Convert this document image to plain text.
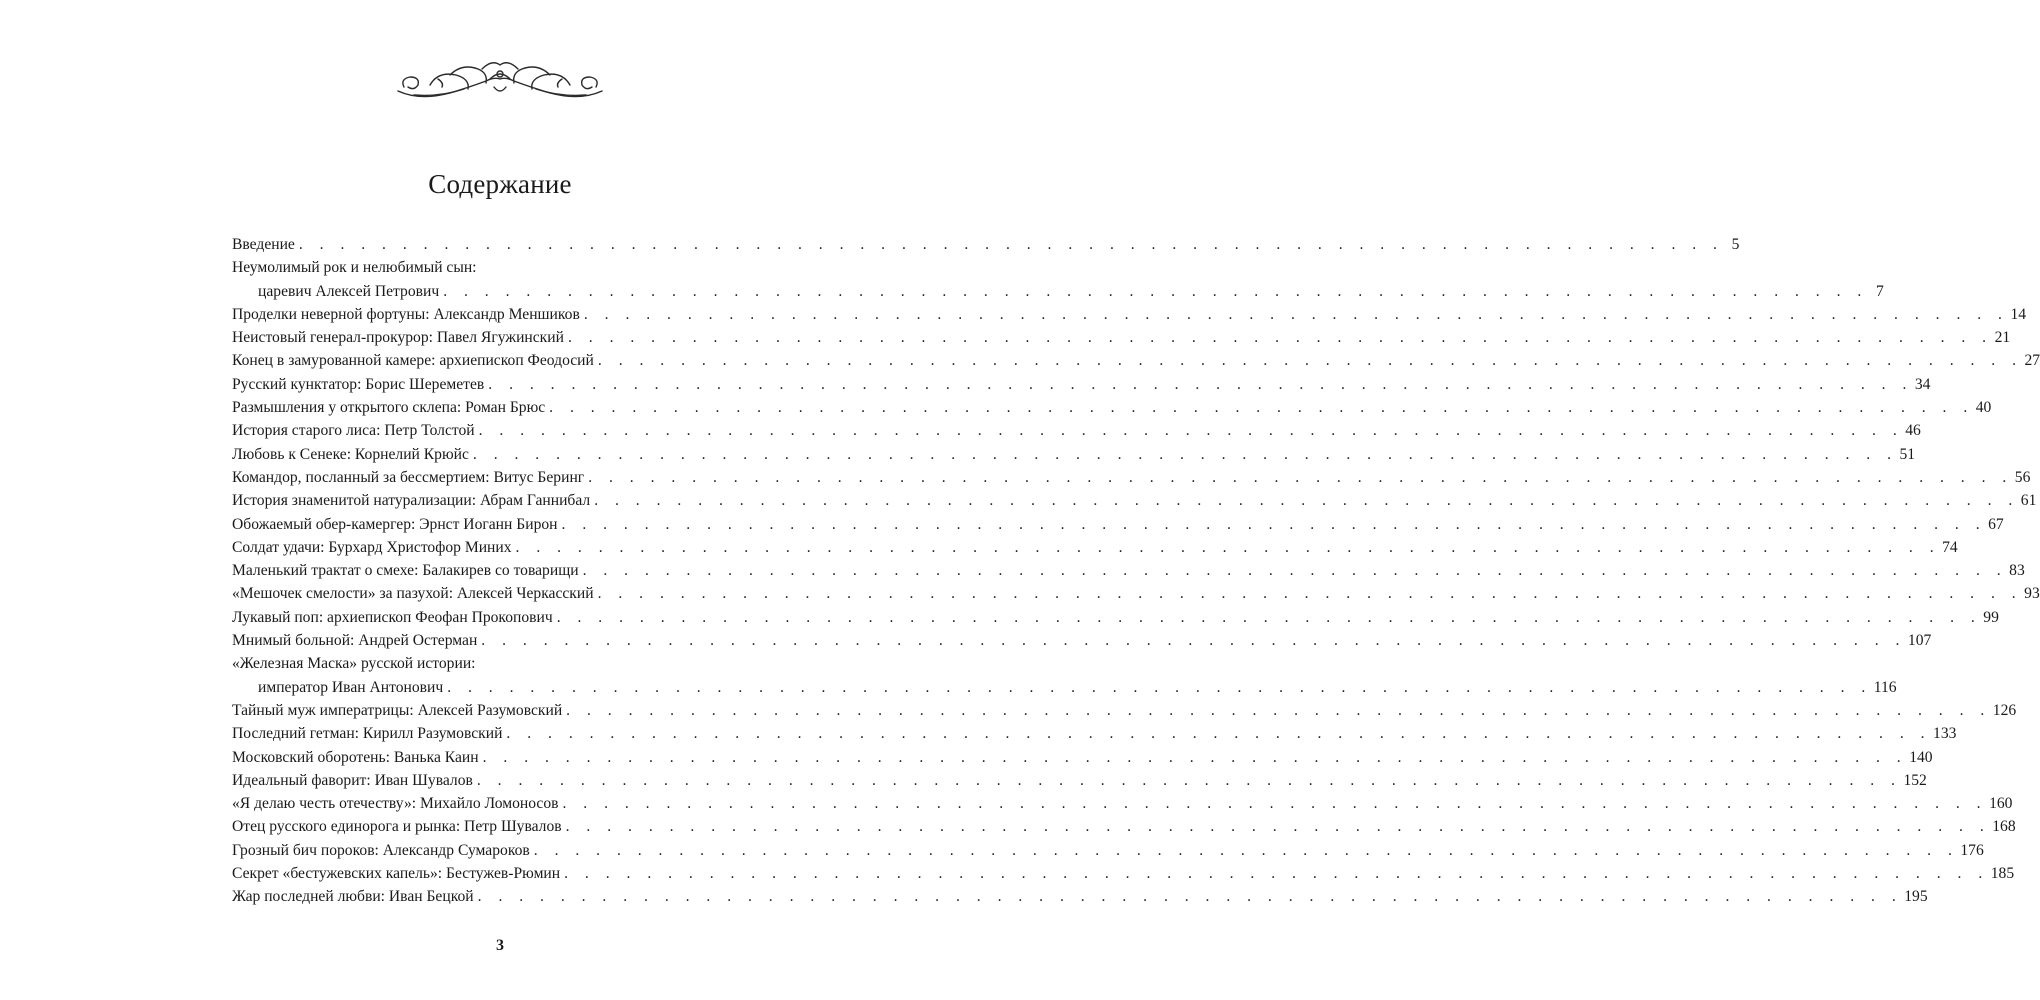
Содержание
Введение . . . . . . . . . . . . . . . . . . . . . . . . . . . . . . . . . . . . . . . . . . . . . . . . . . . . . . . . . . . . . . . . . . . . . 5
Неумолимый рок и нелюбимый сын:
царевич Алексей Петрович . . . . . . . . . . . . . . . . . . . . . . . . . . . . . . . . . . . . . . . . . . . . . . . . . . . . . . . . . . . . . . . . . . . . . 7
Проделки неверной фортуны: Александр Меншиков . . . . . . . . . . . . . . . . . . . . . . . . . . . . . . . . . . . . . . . . . . . . . . . . . . . . . . . . . . . . . . . . . . . . . 14
Неистовый генерал-прокурор: Павел Ягужинский . . . . . . . . . . . . . . . . . . . . . . . . . . . . . . . . . . . . . . . . . . . . . . . . . . . . . . . . . . . . . . . . . . . . . 21
Конец в замурованной камере: архиепископ Феодосий . . . . . . . . . . . . . . . . . . . . . . . . . . . . . . . . . . . . . . . . . . . . . . . . . . . . . . . . . . . . . . . . . . . . . 27
Русский кунктатор: Борис Шереметев . . . . . . . . . . . . . . . . . . . . . . . . . . . . . . . . . . . . . . . . . . . . . . . . . . . . . . . . . . . . . . . . . . . . . 34
Размышления у открытого склепа: Роман Брюс . . . . . . . . . . . . . . . . . . . . . . . . . . . . . . . . . . . . . . . . . . . . . . . . . . . . . . . . . . . . . . . . . . . . . 40
История старого лиса: Петр Толстой . . . . . . . . . . . . . . . . . . . . . . . . . . . . . . . . . . . . . . . . . . . . . . . . . . . . . . . . . . . . . . . . . . . . . 46
Любовь к Сенеке: Корнелий Крюйс . . . . . . . . . . . . . . . . . . . . . . . . . . . . . . . . . . . . . . . . . . . . . . . . . . . . . . . . . . . . . . . . . . . . . 51
Командор, посланный за бессмертием: Витус Беринг . . . . . . . . . . . . . . . . . . . . . . . . . . . . . . . . . . . . . . . . . . . . . . . . . . . . . . . . . . . . . . . . . . . . . 56
История знаменитой натурализации: Абрам Ганнибал . . . . . . . . . . . . . . . . . . . . . . . . . . . . . . . . . . . . . . . . . . . . . . . . . . . . . . . . . . . . . . . . . . . . . 61
Обожаемый обер-камергер: Эрнст Иоганн Бирон . . . . . . . . . . . . . . . . . . . . . . . . . . . . . . . . . . . . . . . . . . . . . . . . . . . . . . . . . . . . . . . . . . . . . 67
Солдат удачи: Бурхард Христофор Миних . . . . . . . . . . . . . . . . . . . . . . . . . . . . . . . . . . . . . . . . . . . . . . . . . . . . . . . . . . . . . . . . . . . . . 74
Маленький трактат о смехе: Балакирев со товарищи . . . . . . . . . . . . . . . . . . . . . . . . . . . . . . . . . . . . . . . . . . . . . . . . . . . . . . . . . . . . . . . . . . . . . 83
«Мешочек смелости» за пазухой: Алексей Черкасский . . . . . . . . . . . . . . . . . . . . . . . . . . . . . . . . . . . . . . . . . . . . . . . . . . . . . . . . . . . . . . . . . . . . . 93
Лукавый поп: архиепископ Феофан Прокопович . . . . . . . . . . . . . . . . . . . . . . . . . . . . . . . . . . . . . . . . . . . . . . . . . . . . . . . . . . . . . . . . . . . . . 99
Мнимый больной: Андрей Остерман . . . . . . . . . . . . . . . . . . . . . . . . . . . . . . . . . . . . . . . . . . . . . . . . . . . . . . . . . . . . . . . . . . . . . 107
«Железная Маска» русской истории:
император Иван Антонович . . . . . . . . . . . . . . . . . . . . . . . . . . . . . . . . . . . . . . . . . . . . . . . . . . . . . . . . . . . . . . . . . . . . . 116
Тайный муж императрицы: Алексей Разумовский . . . . . . . . . . . . . . . . . . . . . . . . . . . . . . . . . . . . . . . . . . . . . . . . . . . . . . . . . . . . . . . . . . . . . 126
Последний гетман: Кирилл Разумовский . . . . . . . . . . . . . . . . . . . . . . . . . . . . . . . . . . . . . . . . . . . . . . . . . . . . . . . . . . . . . . . . . . . . . 133
Московский оборотень: Ванька Каин . . . . . . . . . . . . . . . . . . . . . . . . . . . . . . . . . . . . . . . . . . . . . . . . . . . . . . . . . . . . . . . . . . . . . 140
Идеальный фаворит: Иван Шувалов . . . . . . . . . . . . . . . . . . . . . . . . . . . . . . . . . . . . . . . . . . . . . . . . . . . . . . . . . . . . . . . . . . . . . 152
«Я делаю честь отечеству»: Михайло Ломоносов . . . . . . . . . . . . . . . . . . . . . . . . . . . . . . . . . . . . . . . . . . . . . . . . . . . . . . . . . . . . . . . . . . . . . 160
Отец русского единорога и рынка: Петр Шувалов . . . . . . . . . . . . . . . . . . . . . . . . . . . . . . . . . . . . . . . . . . . . . . . . . . . . . . . . . . . . . . . . . . . . . 168
Грозный бич пороков: Александр Сумароков . . . . . . . . . . . . . . . . . . . . . . . . . . . . . . . . . . . . . . . . . . . . . . . . . . . . . . . . . . . . . . . . . . . . . 176
Секрет «бестужевских капель»: Бестужев-Рюмин . . . . . . . . . . . . . . . . . . . . . . . . . . . . . . . . . . . . . . . . . . . . . . . . . . . . . . . . . . . . . . . . . . . . . 185
Жар последней любви: Иван Бецкой . . . . . . . . . . . . . . . . . . . . . . . . . . . . . . . . . . . . . . . . . . . . . . . . . . . . . . . . . . . . . . . . . . . . . 195
3
